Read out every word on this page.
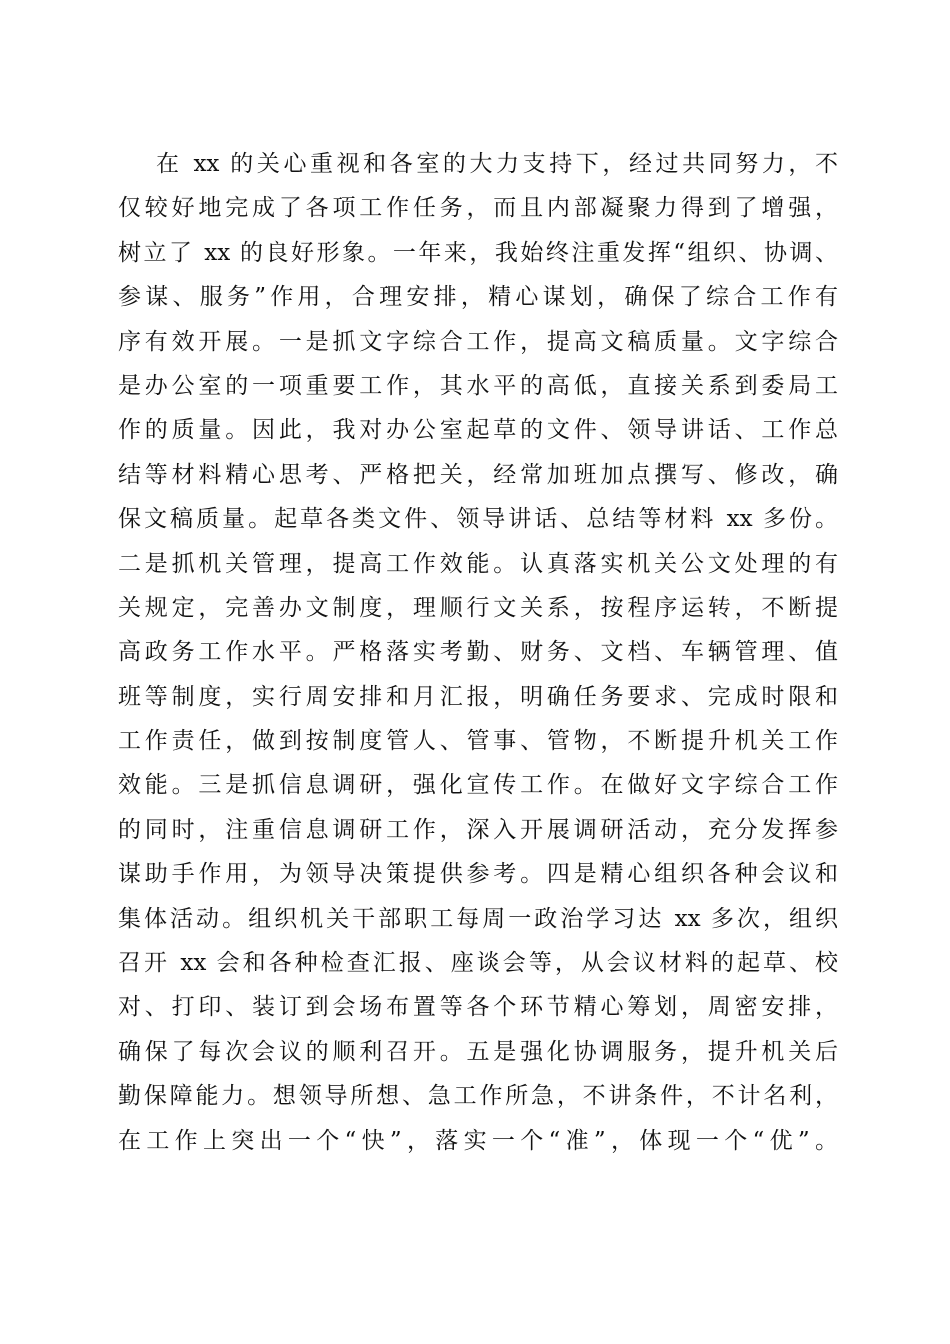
在 xx 的关心重视和各室的大力支持下，经过共同努力，不
仅较好地完成了各项工作任务，而且内部凝聚力得到了增强，
树立了 xx 的良好形象。一年来，我始终注重发挥“组织、协调、
参谋、服务”作用，合理安排，精心谋划，确保了综合工作有
序有效开展。一是抓文字综合工作，提高文稿质量。文字综合
是办公室的一项重要工作，其水平的高低，直接关系到委局工
作的质量。因此，我对办公室起草的文件、领导讲话、工作总
结等材料精心思考、严格把关，经常加班加点撰写、修改，确
保文稿质量。起草各类文件、领导讲话、总结等材料 xx 多份。
二是抓机关管理，提高工作效能。认真落实机关公文处理的有
关规定，完善办文制度，理顺行文关系，按程序运转，不断提
高政务工作水平。严格落实考勤、财务、文档、车辆管理、值
班等制度，实行周安排和月汇报，明确任务要求、完成时限和
工作责任，做到按制度管人、管事、管物，不断提升机关工作
效能。三是抓信息调研，强化宣传工作。在做好文字综合工作
的同时，注重信息调研工作，深入开展调研活动，充分发挥参
谋助手作用，为领导决策提供参考。四是精心组织各种会议和
集体活动。组织机关干部职工每周一政治学习达 xx 多次，组织
召开 xx 会和各种检查汇报、座谈会等，从会议材料的起草、校
对、打印、装订到会场布置等各个环节精心筹划，周密安排，
确保了每次会议的顺利召开。五是强化协调服务，提升机关后
勤保障能力。想领导所想、急工作所急，不讲条件，不计名利，
在工作上突出一个“快”，落实一个“准”，体现一个“优”。
